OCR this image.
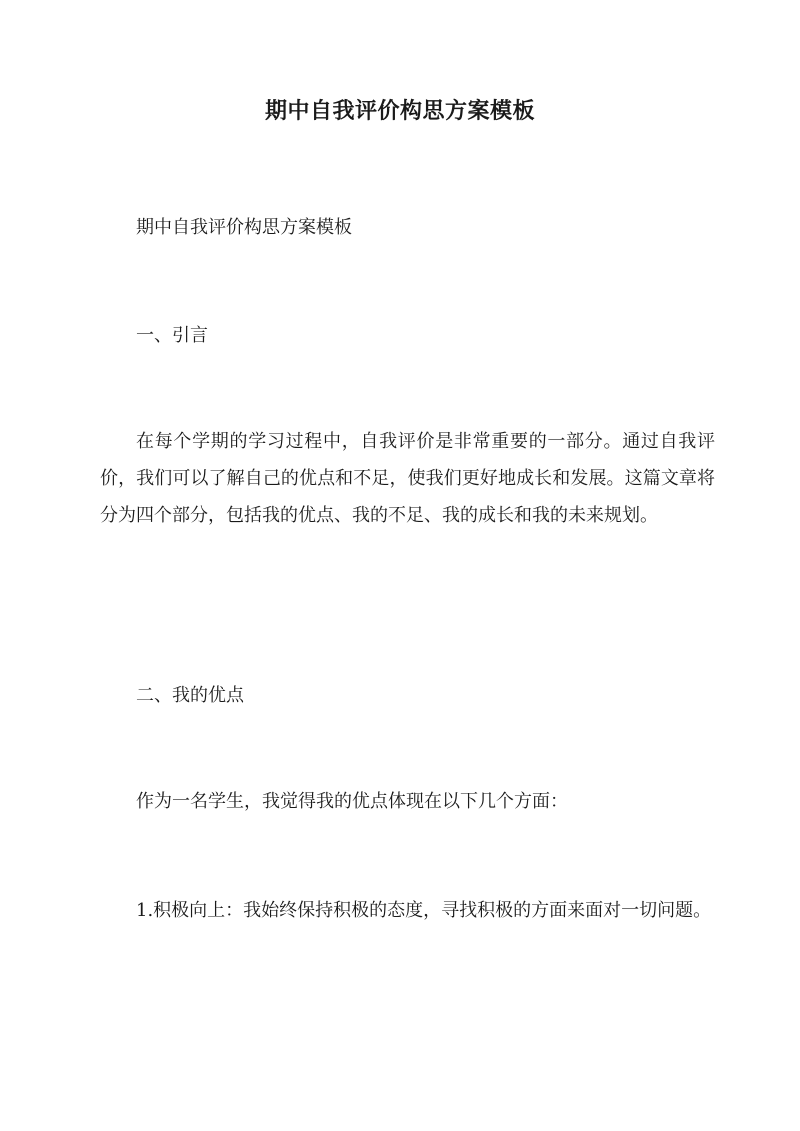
期中自我评价构思方案模板

期中自我评价构思方案模板

一、引言

在每个学期的学习过程中，自我评价是非常重要的一部分。通过自我评价，我们可以了解自己的优点和不足，使我们更好地成长和发展。这篇文章将分为四个部分，包括我的优点、我的不足、我的成长和我的未来规划。

二、我的优点

作为一名学生，我觉得我的优点体现在以下几个方面：

1.积极向上：我始终保持积极的态度，寻找积极的方面来面对一切问题。
